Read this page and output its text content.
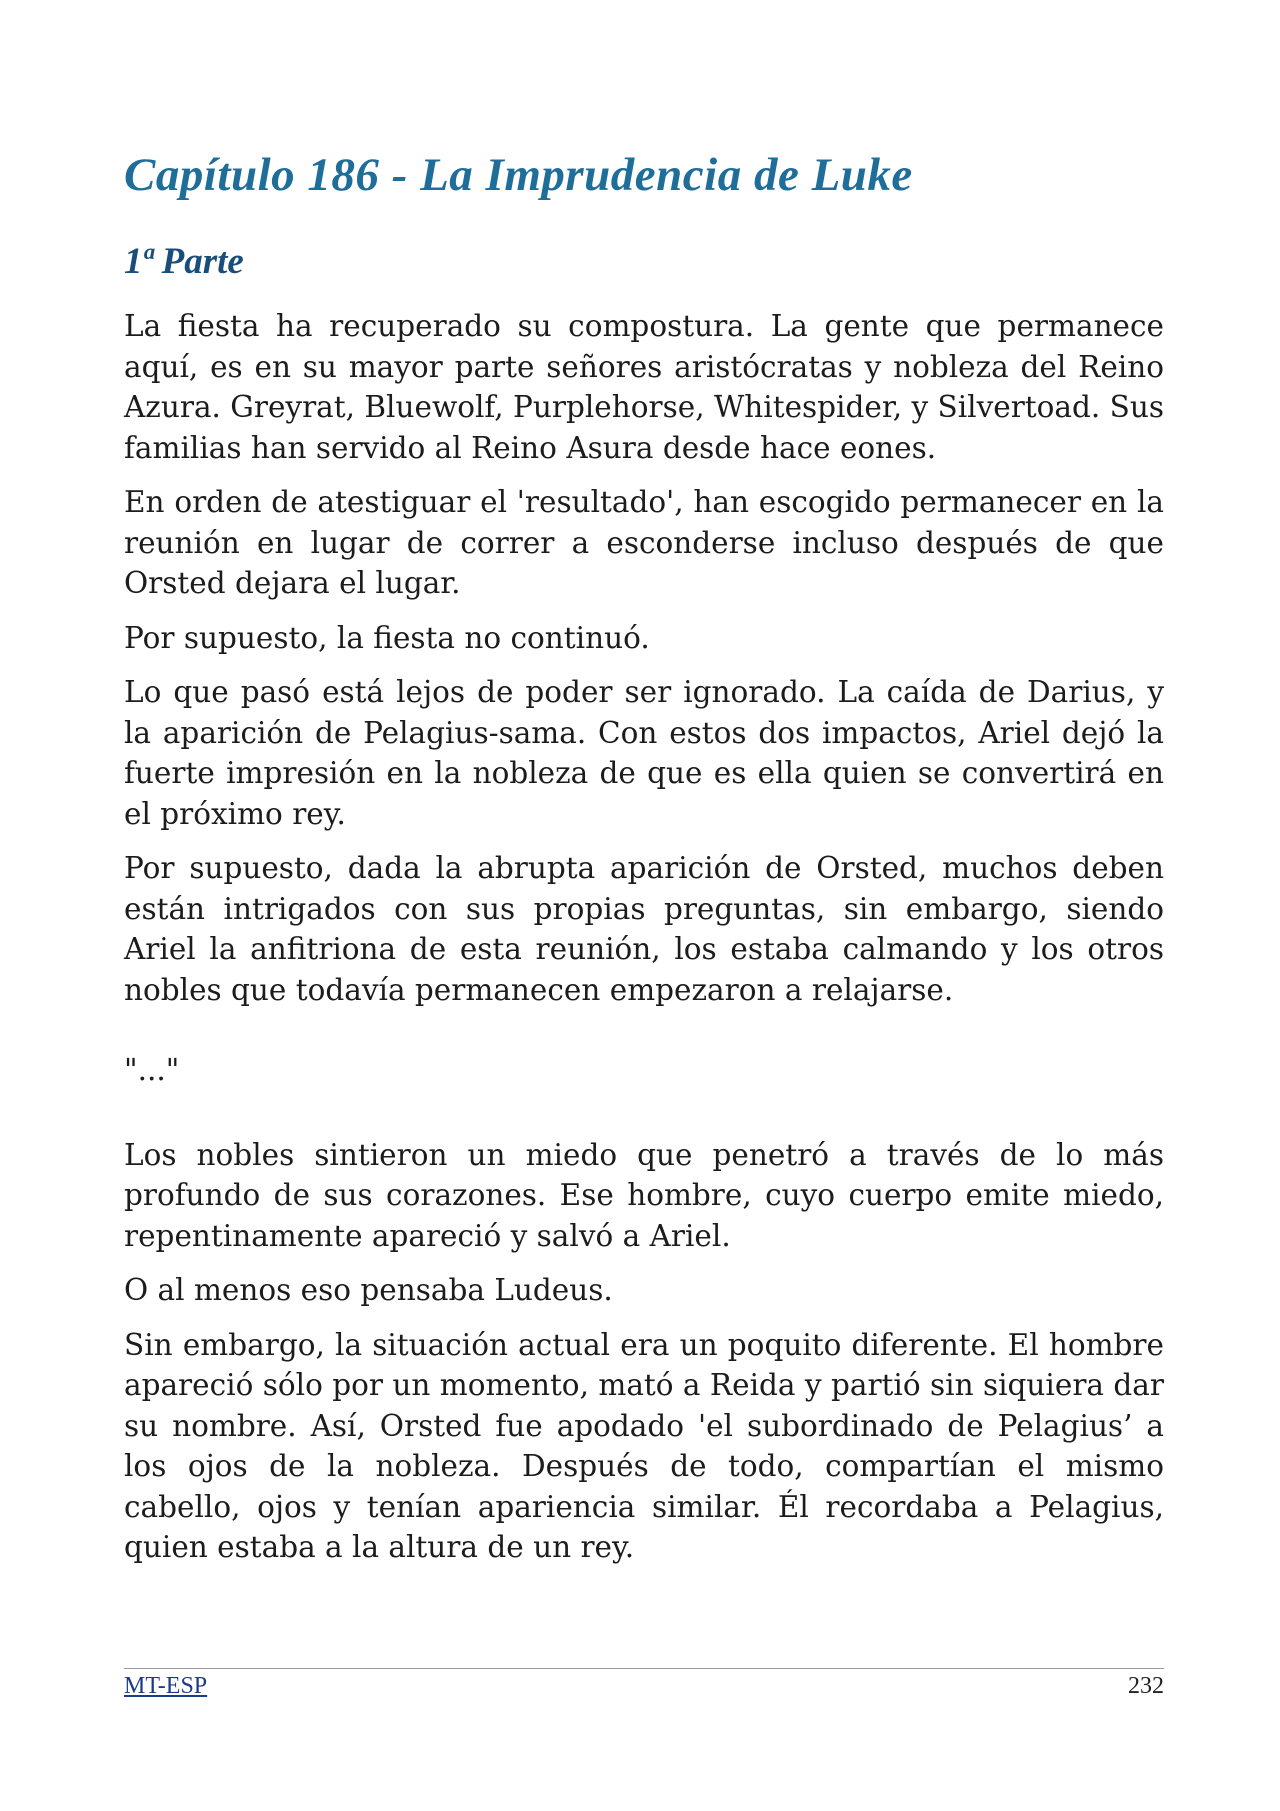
Capítulo 186 - La Imprudencia de Luke
1ª Parte

La fiesta ha recuperado su compostura. La gente que permanece aquí, es en su mayor parte señores aristócratas y nobleza del Reino Azura. Greyrat, Bluewolf, Purplehorse, Whitespider, y Silvertoad. Sus familias han servido al Reino Asura desde hace eones.

En orden de atestiguar el 'resultado', han escogido permanecer en la reunión en lugar de correr a esconderse incluso después de que Orsted dejara el lugar.

Por supuesto, la fiesta no continuó.

Lo que pasó está lejos de poder ser ignorado. La caída de Darius, y la aparición de Pelagius-sama. Con estos dos impactos, Ariel dejó la fuerte impresión en la nobleza de que es ella quien se convertirá en el próximo rey.

Por supuesto, dada la abrupta aparición de Orsted, muchos deben están intrigados con sus propias preguntas, sin embargo, siendo Ariel la anfitriona de esta reunión, los estaba calmando y los otros nobles que todavía permanecen empezaron a relajarse.

"..."

Los nobles sintieron un miedo que penetró a través de lo más profundo de sus corazones. Ese hombre, cuyo cuerpo emite miedo, repentinamente apareció y salvó a Ariel.

O al menos eso pensaba Ludeus.

Sin embargo, la situación actual era un poquito diferente. El hombre apareció sólo por un momento, mató a Reida y partió sin siquiera dar su nombre. Así, Orsted fue apodado 'el subordinado de Pelagius’ a los ojos de la nobleza. Después de todo, compartían el mismo cabello, ojos y tenían apariencia similar. Él recordaba a Pelagius, quien estaba a la altura de un rey.

MT-ESP	232
